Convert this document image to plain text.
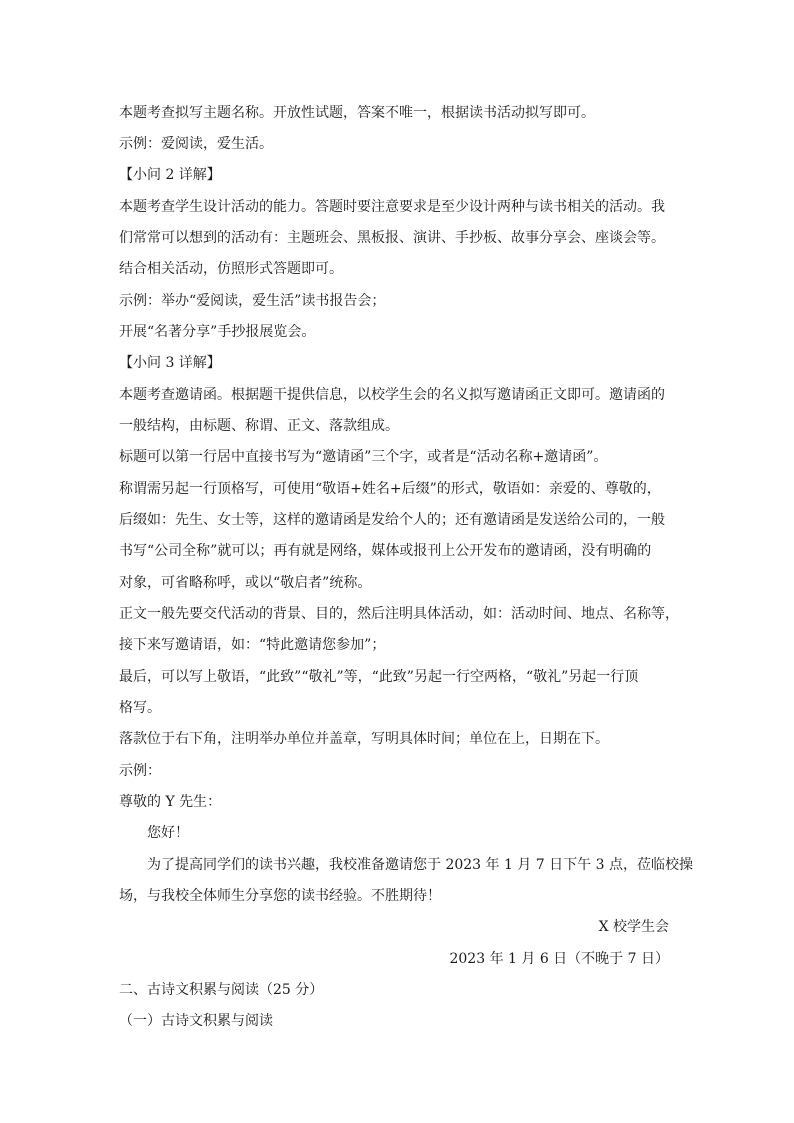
本题考查拟写主题名称。开放性试题，答案不唯一，根据读书活动拟写即可。
示例：爱阅读，爱生活。
【小问 2 详解】
本题考查学生设计活动的能力。答题时要注意要求是至少设计两种与读书相关的活动。我
们常常可以想到的活动有：主题班会、黑板报、演讲、手抄板、故事分享会、座谈会等。
结合相关活动，仿照形式答题即可。
示例：举办“爱阅读，爱生活”读书报告会；
开展“名著分享”手抄报展览会。
【小问 3 详解】
本题考查邀请函。根据题干提供信息，以校学生会的名义拟写邀请函正文即可。邀请函的
一般结构，由标题、称谓、正文、落款组成。
标题可以第一行居中直接书写为“邀请函”三个字，或者是“活动名称+邀请函”。
称谓需另起一行顶格写，可使用“敬语+姓名+后缀”的形式，敬语如：亲爱的、尊敬的，
后缀如：先生、女士等，这样的邀请函是发给个人的；还有邀请函是发送给公司的，一般
书写“公司全称”就可以；再有就是网络，媒体或报刊上公开发布的邀请函，没有明确的
对象，可省略称呼，或以“敬启者”统称。
正文一般先要交代活动的背景、目的，然后注明具体活动，如：活动时间、地点、名称等，
接下来写邀请语，如：“特此邀请您参加”；
最后，可以写上敬语，“此致”“敬礼”等，“此致”另起一行空两格，“敬礼”另起一行顶
格写。
落款位于右下角，注明举办单位并盖章，写明具体时间；单位在上，日期在下。
示例：
尊敬的 Y 先生：
您好！
为了提高同学们的读书兴趣，我校准备邀请您于 2023 年 1 月 7 日下午 3 点，莅临校操
场，与我校全体师生分享您的读书经验。不胜期待！
X 校学生会
2023 年 1 月 6 日（不晚于 7 日）
二、古诗文积累与阅读（25 分）
（一）古诗文积累与阅读
